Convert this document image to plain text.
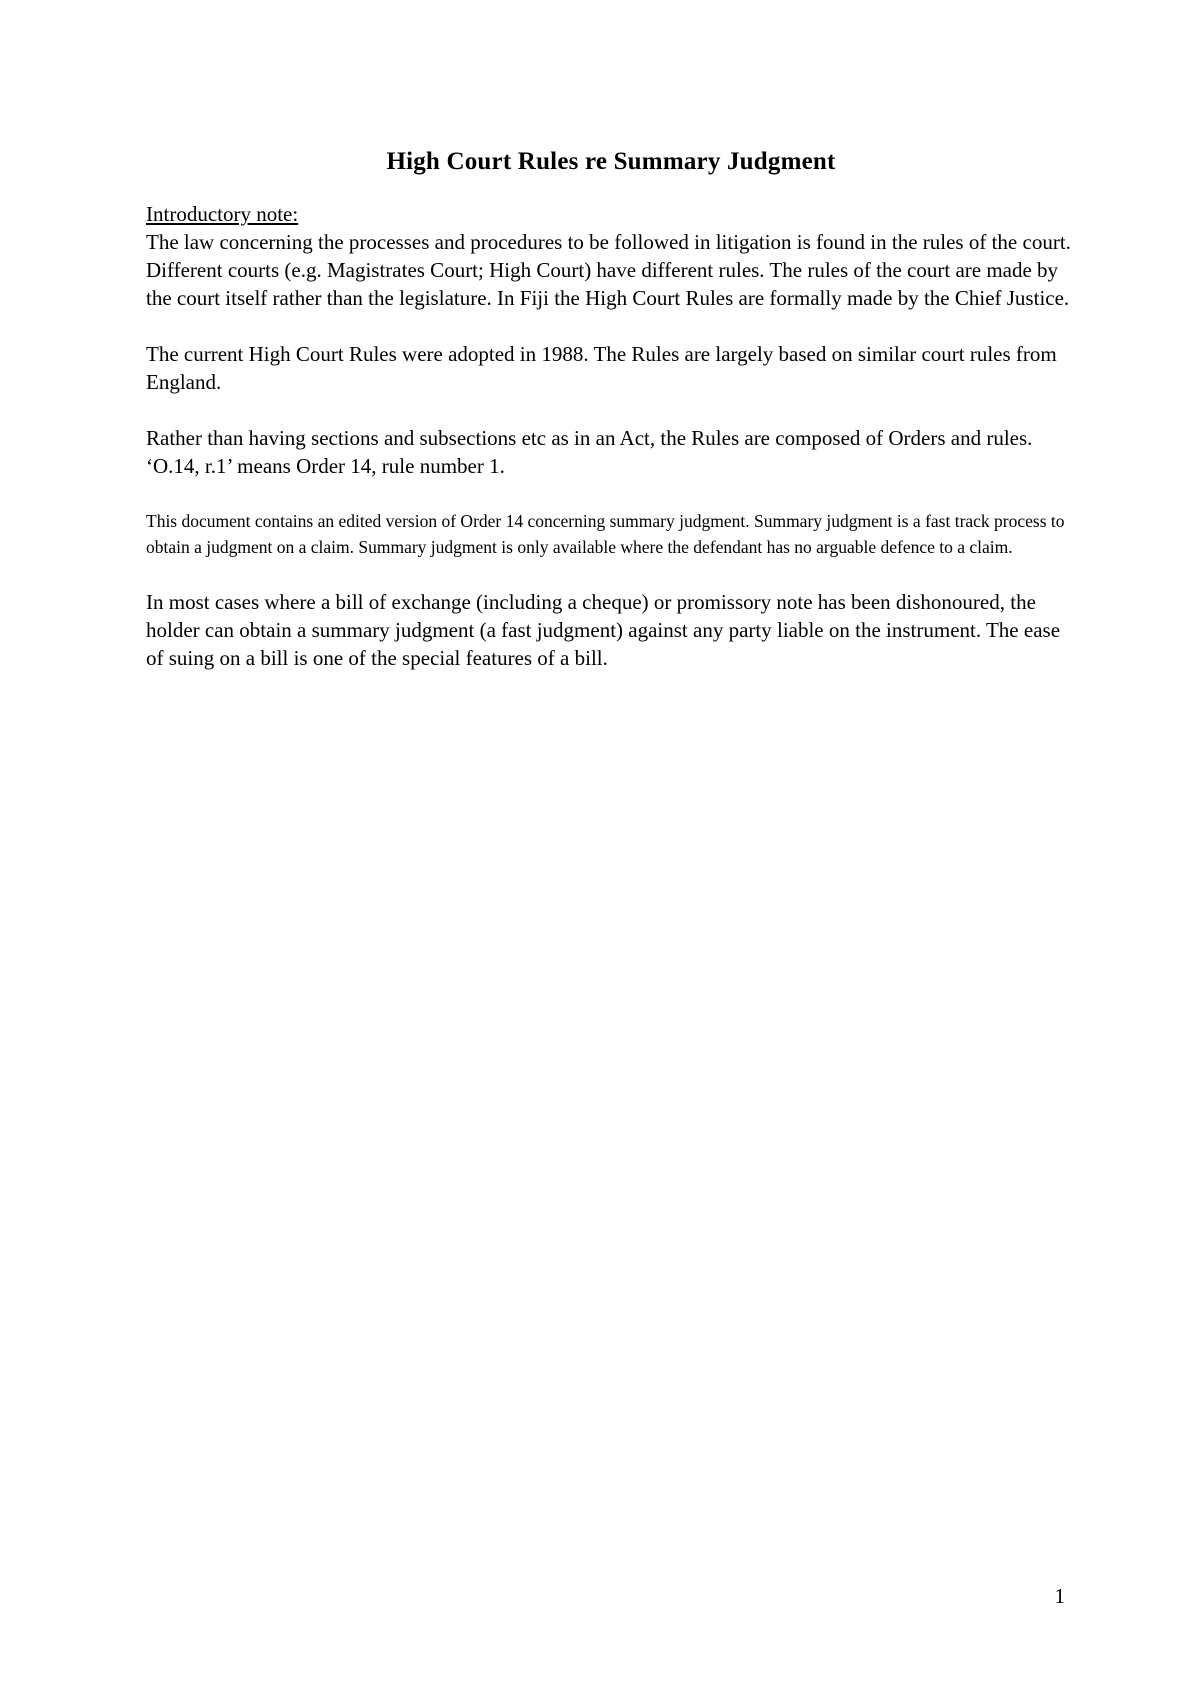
High Court Rules re Summary Judgment

Introductory note:

The law concerning the processes and procedures to be followed in litigation is found in the rules of the court. Different courts (e.g. Magistrates Court; High Court) have different rules. The rules of the court are made by the court itself rather than the legislature. In Fiji the High Court Rules are formally made by the Chief Justice.

The current High Court Rules were adopted in 1988. The Rules are largely based on similar court rules from England.

Rather than having sections and subsections etc as in an Act, the Rules are composed of Orders and rules. ‘O.14, r.1’ means Order 14, rule number 1.

This document contains an edited version of Order 14 concerning summary judgment. Summary judgment is a fast track process to obtain a judgment on a claim. Summary judgment is only available where the defendant has no arguable defence to a claim.

In most cases where a bill of exchange (including a cheque) or promissory note has been dishonoured, the holder can obtain a summary judgment (a fast judgment) against any party liable on the instrument. The ease of suing on a bill is one of the special features of a bill.

1
